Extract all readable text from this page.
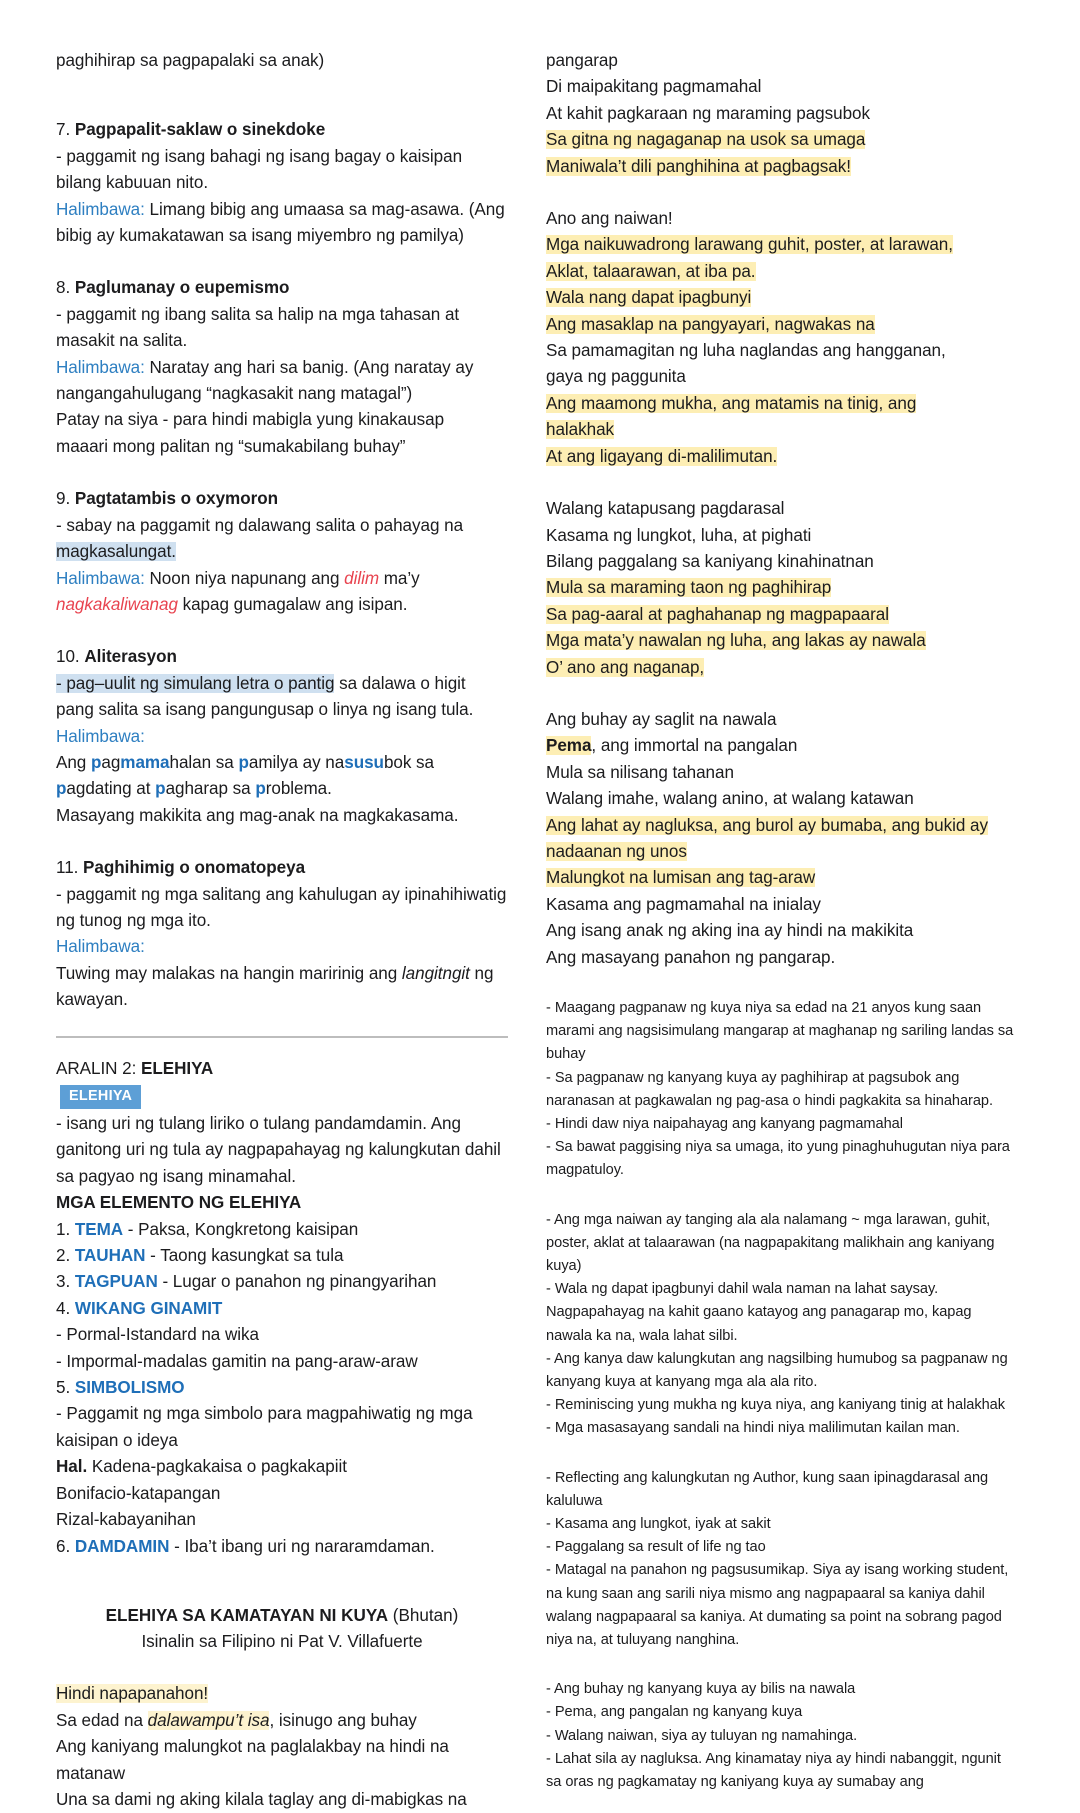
paghihirap sa pagpapalaki sa anak)
7. Pagpapalit-saklaw o sinekdoke
- paggamit ng isang bahagi ng isang bagay o kaisipan bilang kabuuan nito.
Halimbawa: Limang bibig ang umaasa sa mag-asawa. (Ang bibig ay kumakatawan sa isang miyembro ng pamilya)
8. Paglumanay o eupemismo
- paggamit ng ibang salita sa halip na mga tahasan at masakit na salita.
Halimbawa: Naratay ang hari sa banig. (Ang naratay ay nangangahulugang “nagkasakit nang matagal”)
Patay na siya - para hindi mabigla yung kinakausap
maaari mong palitan ng “sumakabilang buhay”
9. Pagtatambis o oxymoron
- sabay na paggamit ng dalawang salita o pahayag na magkasalungat.
Halimbawa: Noon niya napunang ang dilim ma’y nagkakaliwanag kapag gumagalaw ang isipan.
10. Aliterasyon
- pag–uulit ng simulang letra o pantig sa dalawa o higit pang salita sa isang pangungusap o linya ng isang tula.
Halimbawa:
Ang pagmamahalan sa pamilya ay nasusubok sa
pagdating at pagharap sa problema.
Masayang makikita ang mag-anak na magkakasama.
11. Paghihimig o onomatopeya
- paggamit ng mga salitang ang kahulugan ay ipinahihiwatig ng tunog ng mga ito.
Halimbawa:
Tuwing may malakas na hangin maririnig ang langitngit ng kawayan.
ARALIN 2: ELEHIYA
ELEHIYA
- isang uri ng tulang liriko o tulang pandamdamin. Ang ganitong uri ng tula ay nagpapahayag ng kalungkutan dahil sa pagyao ng isang minamahal.
MGA ELEMENTO NG ELEHIYA
1. TEMA - Paksa, Kongkretong kaisipan
2. TAUHAN - Taong kasungkat sa tula
3. TAGPUAN - Lugar o panahon ng pinangyarihan
4. WIKANG GINAMIT
- Pormal-Istandard na wika
- Impormal-madalas gamitin na pang-araw-araw
5. SIMBOLISMO
- Paggamit ng mga simbolo para magpahiwatig ng mga kaisipan o ideya
Hal. Kadena-pagkakaisa o pagkakapiit
Bonifacio-katapangan
Rizal-kabayanihan
6. DAMDAMIN - Iba’t ibang uri ng nararamdaman.
ELEHIYA SA KAMATAYAN NI KUYA (Bhutan)
Isinalin sa Filipino ni Pat V. Villafuerte
Hindi napapanahon!
Sa edad na dalawampu’t isa, isinugo ang buhay
Ang kaniyang malungkot na paglalakbay na hindi na matanaw
Una sa dami ng aking kilala taglay ang di-mabigkas na
pangarap
Di maipakitang pagmamahal
At kahit pagkaraan ng maraming pagsubok
Sa gitna ng nagaganap na usok sa umaga
Maniwala’t dili panghihina at pagbagsak!
Ano ang naiwan!
Mga naikuwadrong larawang guhit, poster, at larawan,
Aklat, talaarawan, at iba pa.
Wala nang dapat ipagbunyi
Ang masaklap na pangyayari, nagwakas na
Sa pamamagitan ng luha naglandas ang hangganan,
gaya ng paggunita
Ang maamong mukha, ang matamis na tinig, ang
halakhak
At ang ligayang di-malilimutan.
Walang katapusang pagdarasal
Kasama ng lungkot, luha, at pighati
Bilang paggalang sa kaniyang kinahinatnan
Mula sa maraming taon ng paghihirap
Sa pag-aaral at paghahanap ng magpapaaral
Mga mata’y nawalan ng luha, ang lakas ay nawala
O’ ano ang naganap,
Ang buhay ay saglit na nawala
Pema, ang immortal na pangalan
Mula sa nilisang tahanan
Walang imahe, walang anino, at walang katawan
Ang lahat ay nagluksa, ang burol ay bumaba, ang bukid ay
nadaanan ng unos
Malungkot na lumisan ang tag-araw
Kasama ang pagmamahal na inialay
Ang isang anak ng aking ina ay hindi na makikita
Ang masayang panahon ng pangarap.
- Maagang pagpanaw ng kuya niya sa edad na 21 anyos kung saan marami ang nagsisimulang mangarap at maghanap ng sariling landas sa buhay
- Sa pagpanaw ng kanyang kuya ay paghihirap at pagsubok ang naranasan at pagkawalan ng pag-asa o hindi pagkakita sa hinaharap.
- Hindi daw niya naipahayag ang kanyang pagmamahal
- Sa bawat paggising niya sa umaga, ito yung pinaghuhugutan niya para magpatuloy.
- Ang mga naiwan ay tanging ala ala nalamang ~ mga larawan, guhit, poster, aklat at talaarawan (na nagpapakitang malikhain ang kaniyang kuya)
- Wala ng dapat ipagbunyi dahil wala naman na lahat saysay. Nagpapahayag na kahit gaano katayog ang panagarap mo, kapag nawala ka na, wala lahat silbi.
- Ang kanya daw kalungkutan ang nagsilbing humubog sa pagpanaw ng kanyang kuya at kanyang mga ala ala rito.
- Reminiscing yung mukha ng kuya niya, ang kaniyang tinig at halakhak
- Mga masasayang sandali na hindi niya malilimutan kailan man.
- Reflecting ang kalungkutan ng Author, kung saan ipinagdarasal ang kaluluwa
- Kasama ang lungkot, iyak at sakit
- Paggalang sa result of life ng tao
- Matagal na panahon ng pagsusumikap. Siya ay isang working student, na kung saan ang sarili niya mismo ang nagpapaaral sa kaniya dahil walang nagpapaaral sa kaniya. At dumating sa point na sobrang pagod niya na, at tuluyang nanghina.
- Ang buhay ng kanyang kuya ay bilis na nawala
- Pema, ang pangalan ng kanyang kuya
- Walang naiwan, siya ay tuluyan ng namahinga.
- Lahat sila ay nagluksa. Ang kinamatay niya ay hindi nabanggit, ngunit sa oras ng pagkamatay ng kaniyang kuya ay sumabay ang
